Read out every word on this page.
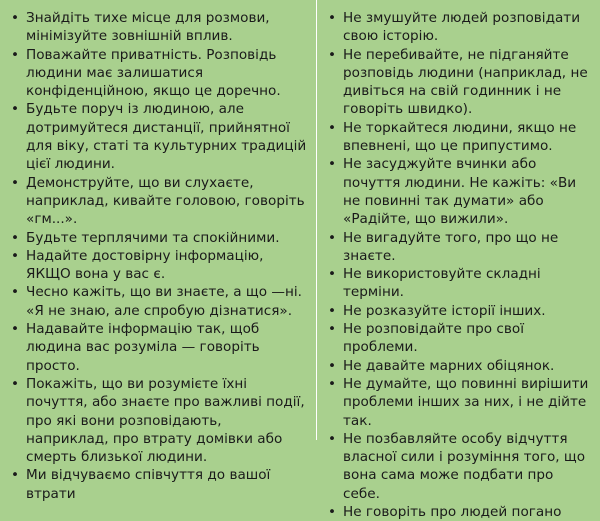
• Знайдіть тихе місце для розмови, мінімізуйте зовнішній вплив.
• Поважайте приватність. Розповідь людини має залишатися конфіденційною, якщо це доречно.
• Будьте поруч із людиною, але дотримуйтеся дистанції, прийнятної для віку, статі та культурних традицій цієї людини.
• Демонструйте, що ви слухаєте, наприклад, кивайте головою, говоріть «гм...».
• Будьте терплячими та спокійними.
• Надайте достовірну інформацію, ЯКЩО вона у вас є.
• Чесно кажіть, що ви знаєте, а що —ні. «Я не знаю, але спробую дізнатися».
• Надавайте інформацію так, щоб людина вас розуміла — говоріть просто.
• Покажіть, що ви розумієте їхні почуття, або знаєте про важливі події, про які вони розповідають, наприклад, про втрату домівки або смерть близької людини.
• Ми відчуваємо співчуття до вашої втрати
• Не змушуйте людей розповідати свою історію.
• Не перебивайте, не підганяйте розповідь людини (наприклад, не дивіться на свій годинник і не говоріть швидко).
• Не торкайтеся людини, якщо не впевнені, що це припустимо.
• Не засуджуйте вчинки або почуття людини. Не кажіть: «Ви не повинні так думати» або «Радійте, що вижили».
• Не вигадуйте того, про що не знаєте.
• Не використовуйте складні терміни.
• Не розказуйте історії інших.
• Не розповідайте про свої проблеми.
• Не давайте марних обіцянок.
• Не думайте, що повинні вирішити проблеми інших за них, і не дійте так.
• Не позбавляйте особу відчуття власної сили і розуміння того, що вона сама може подбати про себе.
• Не говоріть про людей погано
